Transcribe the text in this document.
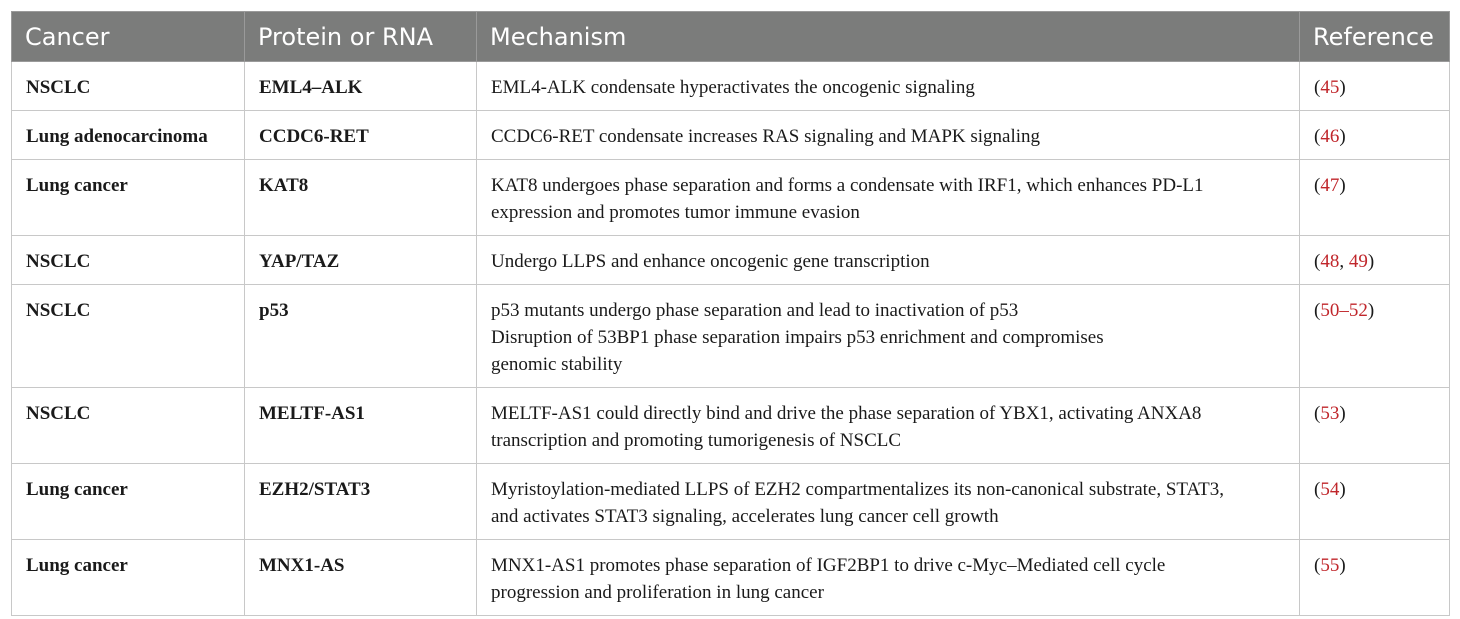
Cancer	Protein or RNA	Mechanism	Reference
NSCLC	EML4–ALK	EML4-ALK condensate hyperactivates the oncogenic signaling	(45)
Lung adenocarcinoma	CCDC6-RET	CCDC6-RET condensate increases RAS signaling and MAPK signaling	(46)
Lung cancer	KAT8	KAT8 undergoes phase separation and forms a condensate with IRF1, which enhances PD-L1
expression and promotes tumor immune evasion	(47)
NSCLC	YAP/TAZ	Undergo LLPS and enhance oncogenic gene transcription	(48, 49)
NSCLC	p53	p53 mutants undergo phase separation and lead to inactivation of p53
Disruption of 53BP1 phase separation impairs p53 enrichment and compromises
genomic stability	(50–52)
NSCLC	MELTF-AS1	MELTF-AS1 could directly bind and drive the phase separation of YBX1, activating ANXA8
transcription and promoting tumorigenesis of NSCLC	(53)
Lung cancer	EZH2/STAT3	Myristoylation-mediated LLPS of EZH2 compartmentalizes its non-canonical substrate, STAT3,
and activates STAT3 signaling, accelerates lung cancer cell growth	(54)
Lung cancer	MNX1-AS	MNX1-AS1 promotes phase separation of IGF2BP1 to drive c-Myc–Mediated cell cycle
progression and proliferation in lung cancer	(55)
